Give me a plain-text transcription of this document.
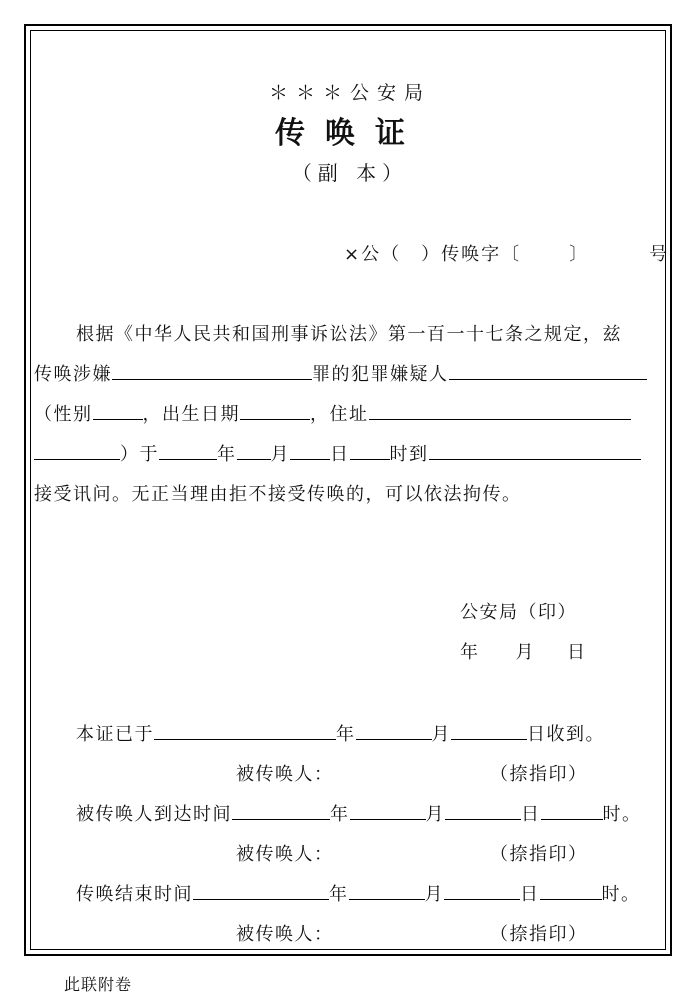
＊＊＊公安局
传唤证
（副 本）
×公（ ）传唤字〔	〕	号
根据《中华人民共和国刑事诉讼法》第一百一十七条之规定，兹
传唤涉嫌	罪的犯罪嫌疑人
（性别	，出生日期	，住址
）于	年 月 日 时到
接受讯问。无正当理由拒不接受传唤的，可以依法拘传。
公安局（印）
年 月 日
本证已于	年	月	日收到。
被传唤人：	（捺指印）
被传唤人到达时间	年	月	日	时。
被传唤人：	（捺指印）
传唤结束时间	年	月	日	时。
被传唤人：	（捺指印）
此联附卷
